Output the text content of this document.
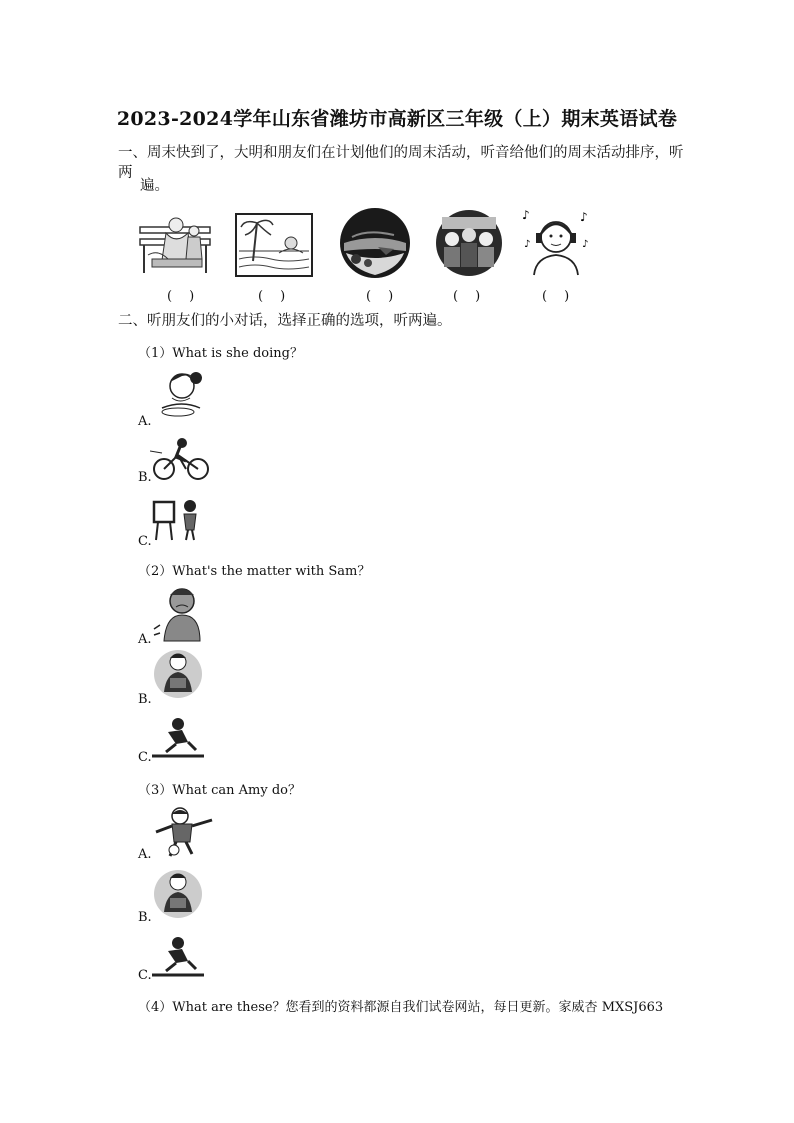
2023-2024学年山东省潍坊市高新区三年级（上）期末英语试卷
一、周末快到了，大明和朋友们在计划他们的周末活动，听音给他们的周末活动排序，听两
遍。
♪	♪
♪	♪
(　)	(　)	(　)	(　)	(　)
二、听朋友们的小对话，选择正确的选项，听两遍。
（1）What is she doing？
A.
B.
C.
（2）What's the matter with Sam？
A.
B.
C.
（3）What can Amy do？
A.
B.
C.
（4）What are these？您看到的资料都源自我们试卷网站，每日更新。家威杏 MXSJ663
